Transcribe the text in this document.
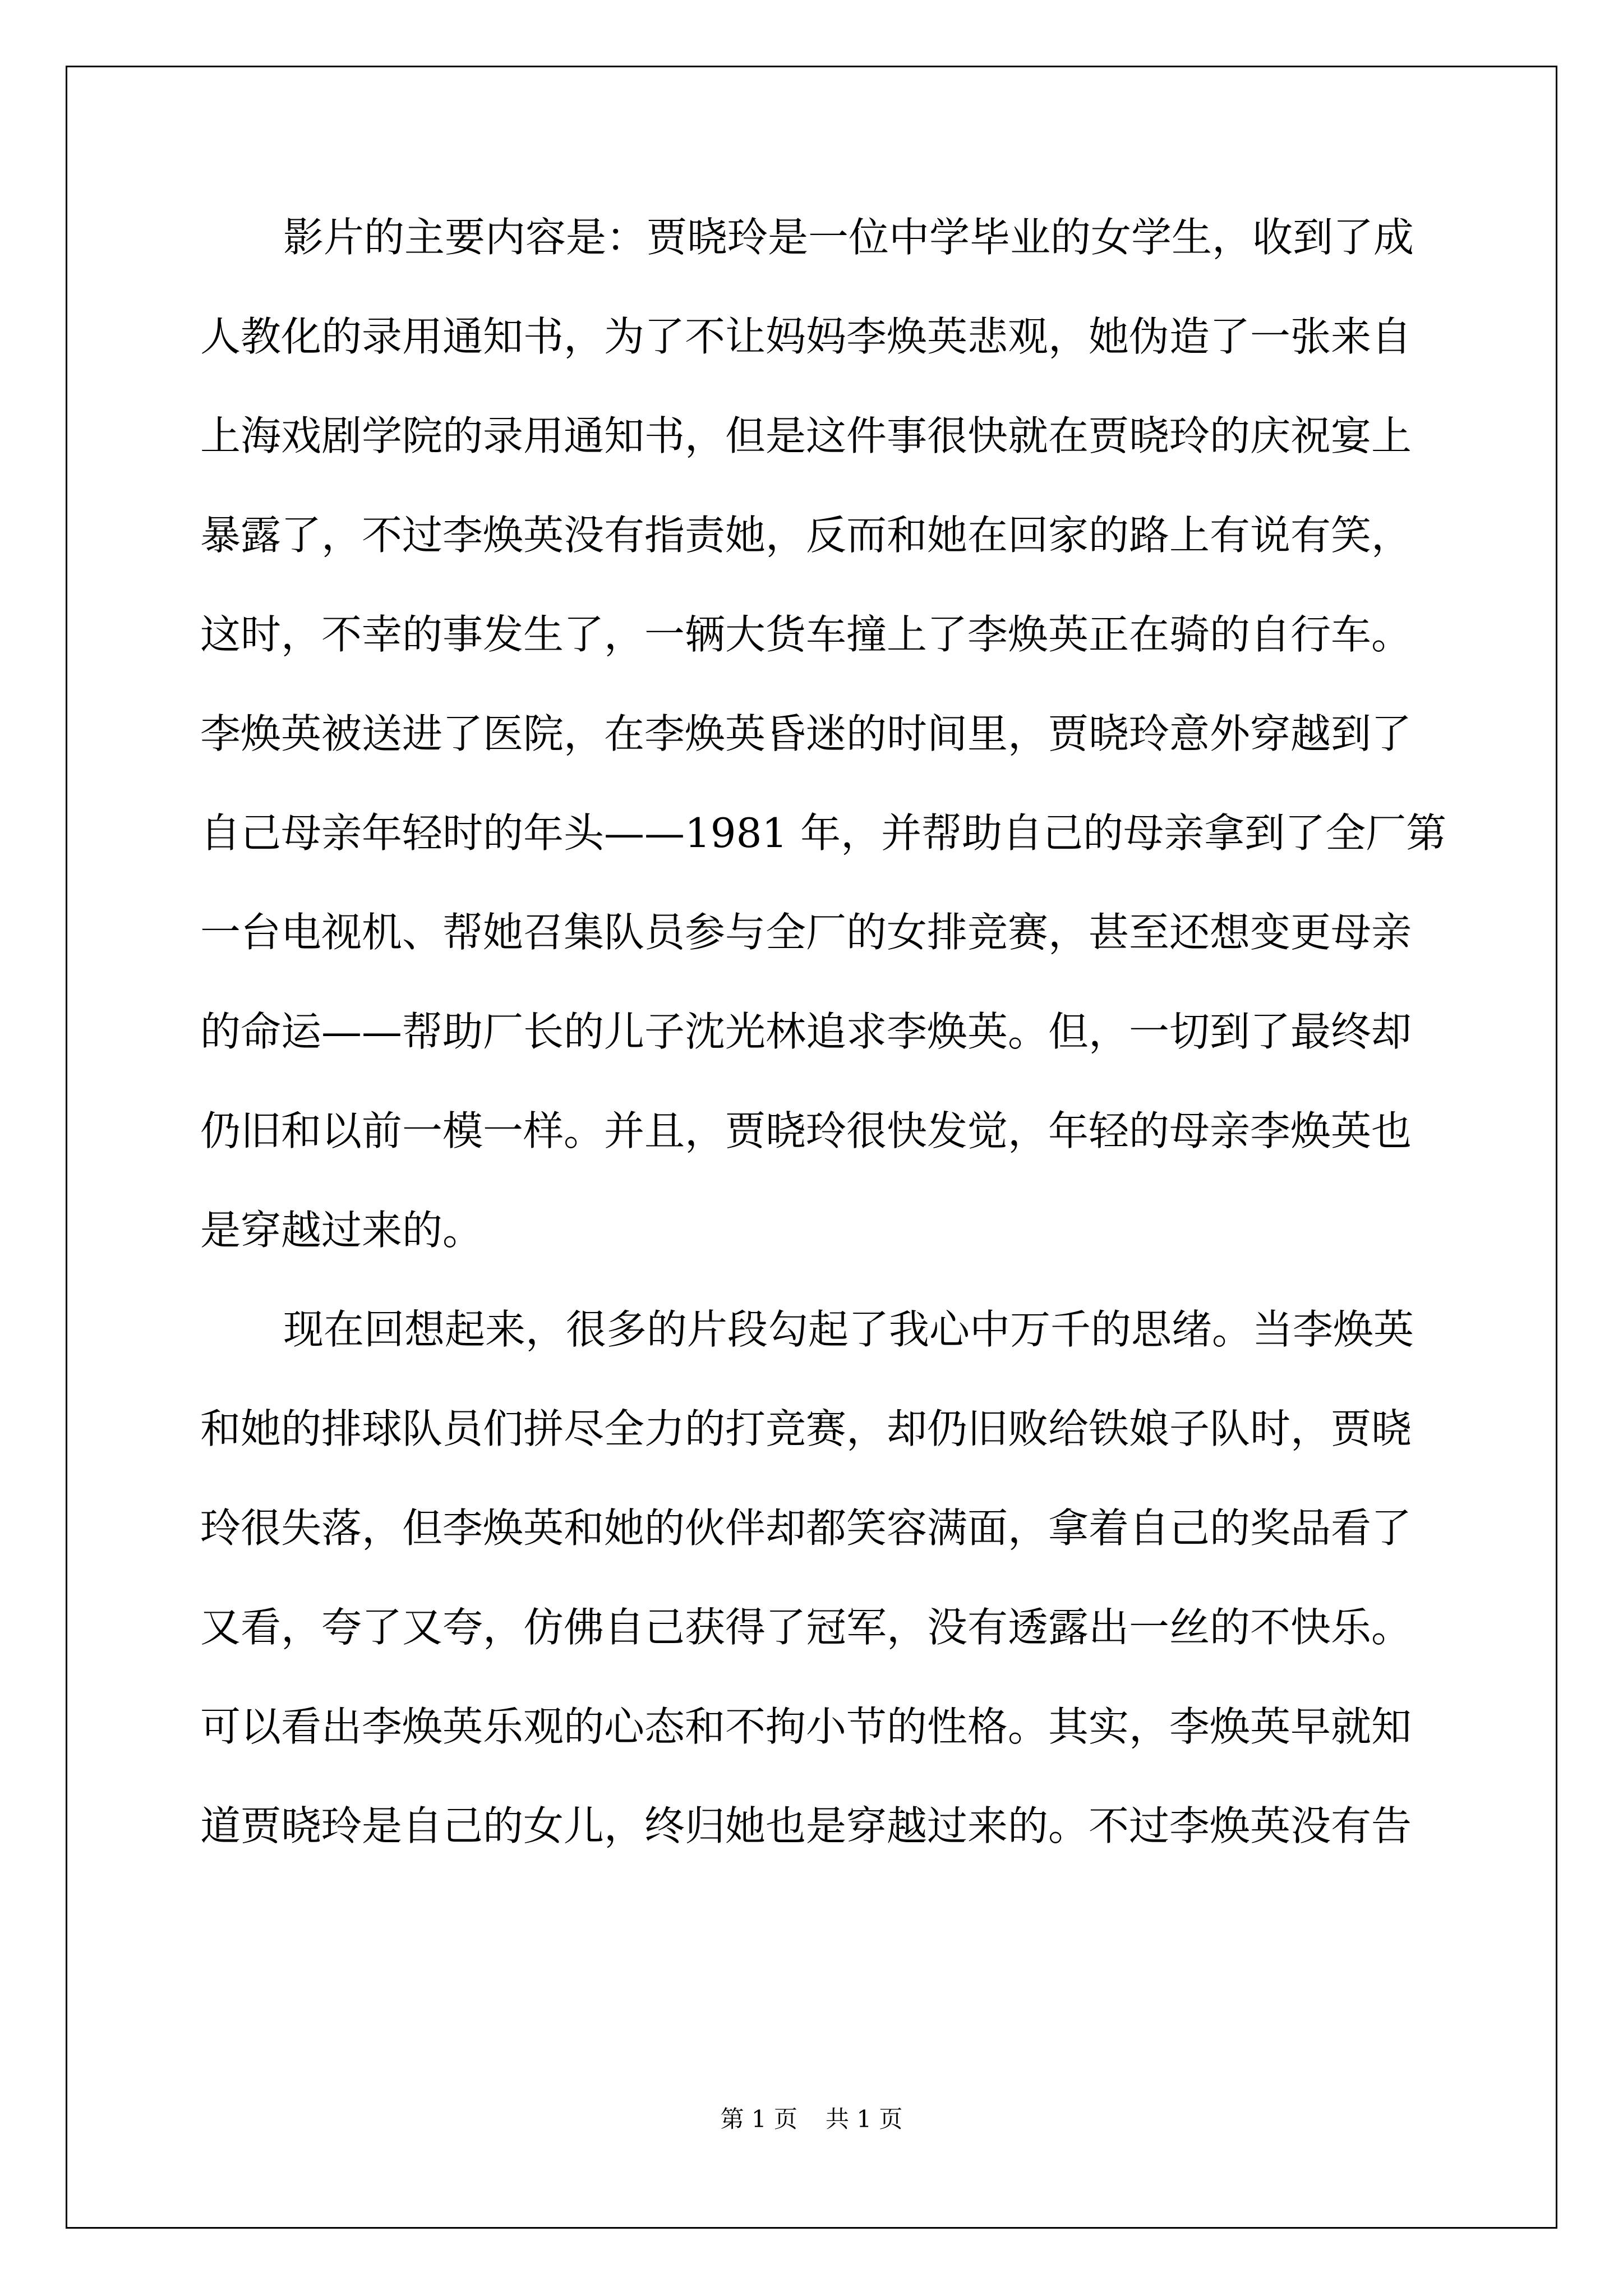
影片的主要内容是：贾晓玲是一位中学毕业的女学生，收到了成
人教化的录用通知书，为了不让妈妈李焕英悲观，她伪造了一张来自
上海戏剧学院的录用通知书，但是这件事很快就在贾晓玲的庆祝宴上
暴露了，不过李焕英没有指责她，反而和她在回家的路上有说有笑，
这时，不幸的事发生了，一辆大货车撞上了李焕英正在骑的自行车。
李焕英被送进了医院，在李焕英昏迷的时间里，贾晓玲意外穿越到了
自己母亲年轻时的年头——1981 年，并帮助自己的母亲拿到了全厂第
一台电视机、帮她召集队员参与全厂的女排竞赛，甚至还想变更母亲
的命运——帮助厂长的儿子沈光林追求李焕英。但，一切到了最终却
仍旧和以前一模一样。并且，贾晓玲很快发觉，年轻的母亲李焕英也
是穿越过来的。
现在回想起来，很多的片段勾起了我心中万千的思绪。当李焕英
和她的排球队员们拼尽全力的打竞赛，却仍旧败给铁娘子队时，贾晓
玲很失落，但李焕英和她的伙伴却都笑容满面，拿着自己的奖品看了
又看，夸了又夸，仿佛自己获得了冠军，没有透露出一丝的不快乐。
可以看出李焕英乐观的心态和不拘小节的性格。其实，李焕英早就知
道贾晓玲是自己的女儿，终归她也是穿越过来的。不过李焕英没有告
第 1 页 共 1 页
